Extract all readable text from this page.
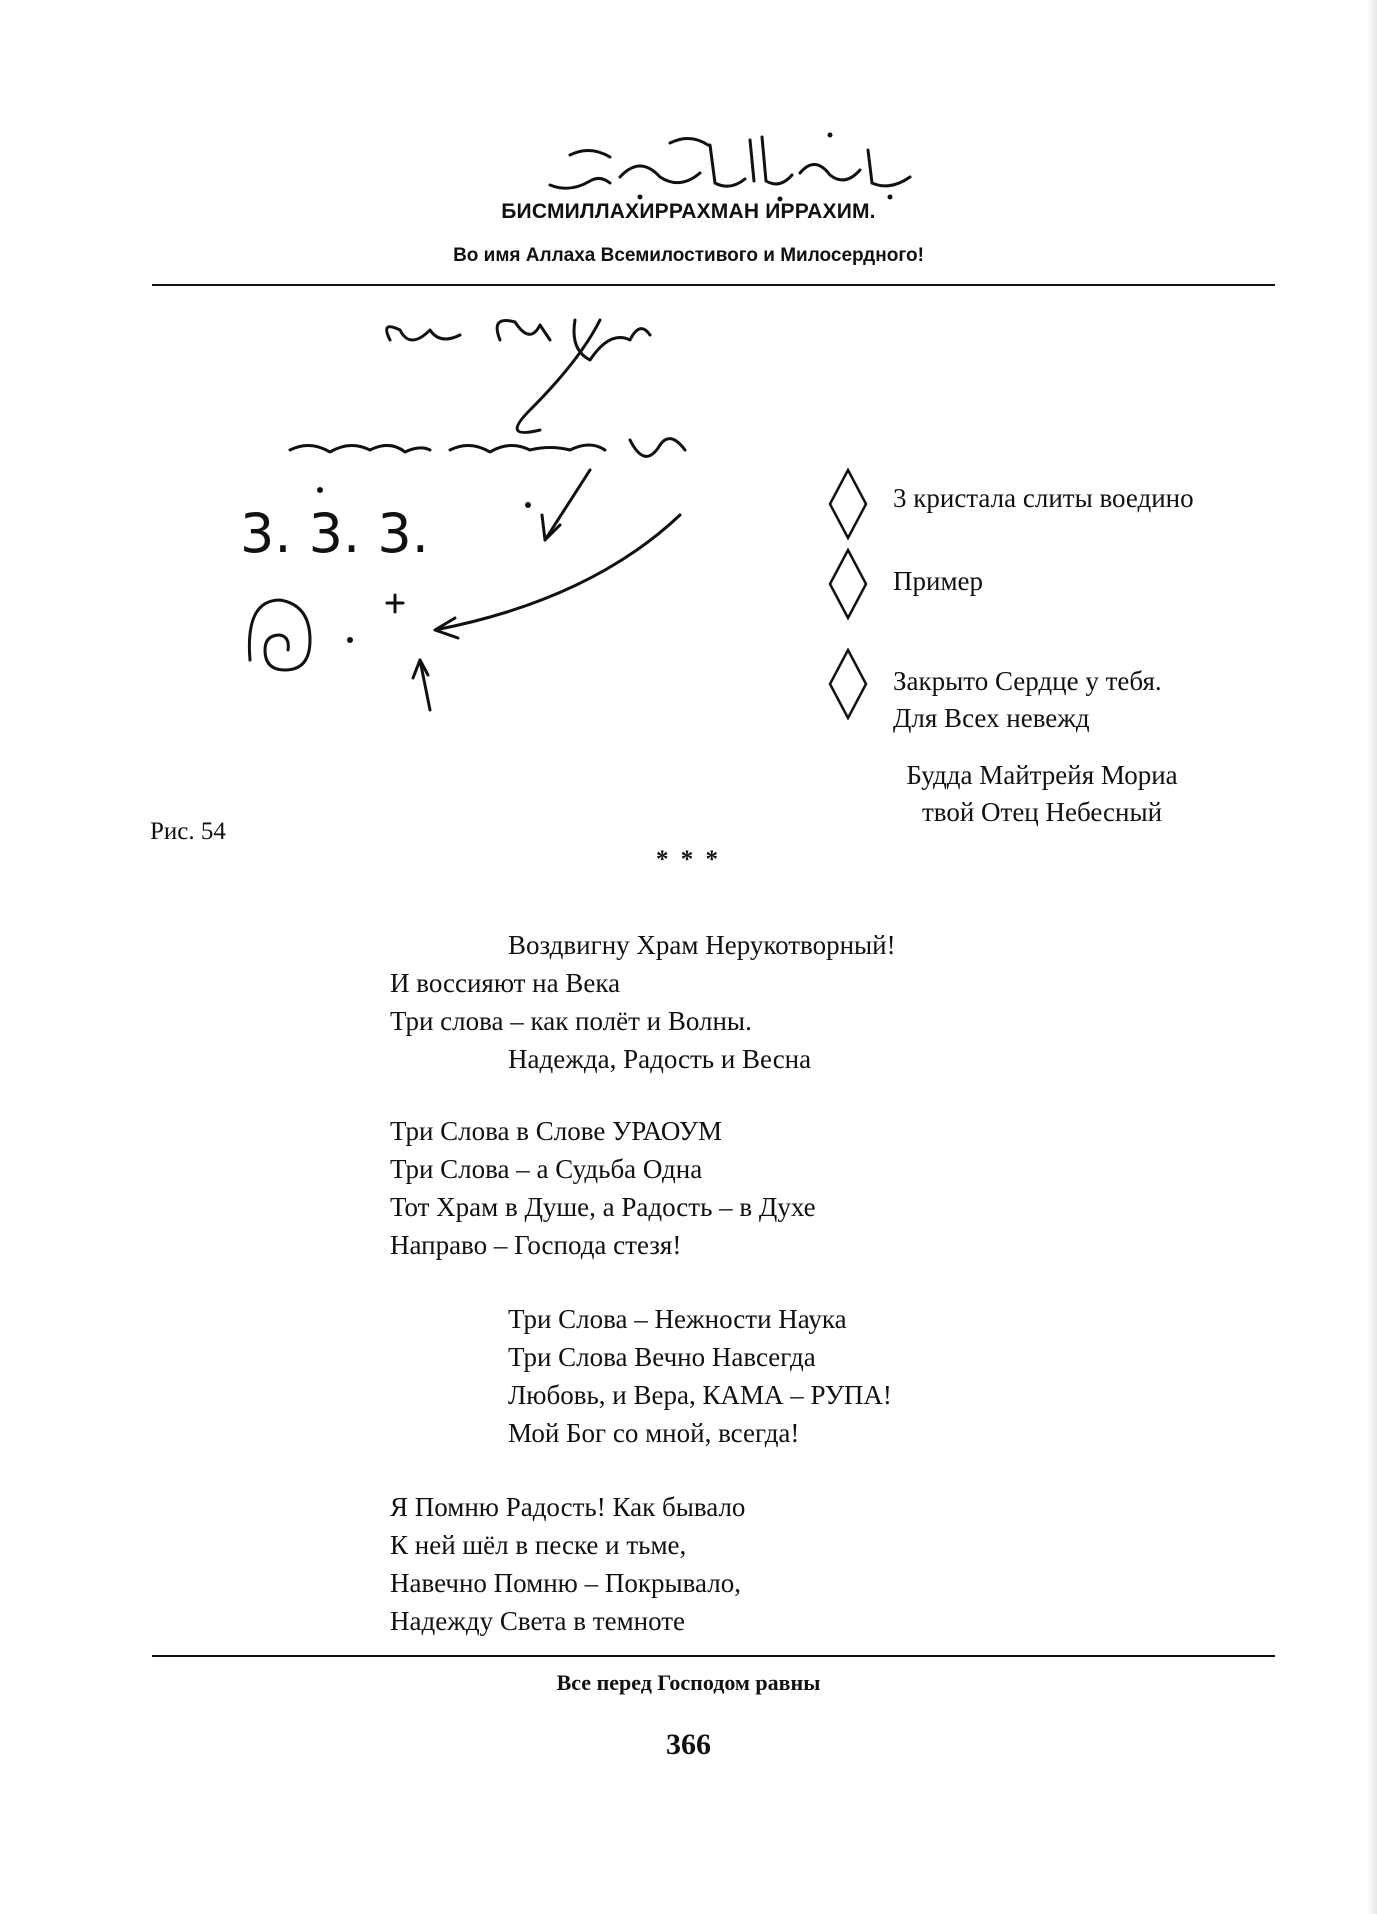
БИСМИЛЛАХИРРАХМАН ИРРАХИМ.
Во имя Аллаха Всемилостивого и Милосердного!
3. 3. 3.
3 кристала слиты воедино
Пример
Закрыто Сердце у тебя.
Для Всех невежд
Будда Майтрейя Мориа
твой Отец Небесный
Рис. 54
* * *
Воздвигну Храм Нерукотворный!
И воссияют на Века
Три слова – как полёт и Волны.
Надежда, Радость и Весна
Три Слова в Слове УРАОУМ
Три Слова – а Судьба Одна
Тот Храм в Душе, а Радость – в Духе
Направо – Господа стезя!
Три Слова – Нежности Наука
Три Слова Вечно Навсегда
Любовь, и Вера, КАМА – РУПА!
Мой Бог со мной, всегда!
Я Помню Радость! Как бывало
К ней шёл в песке и тьме,
Навечно Помню – Покрывало,
Надежду Света в темноте
Все перед Господом равны
366
